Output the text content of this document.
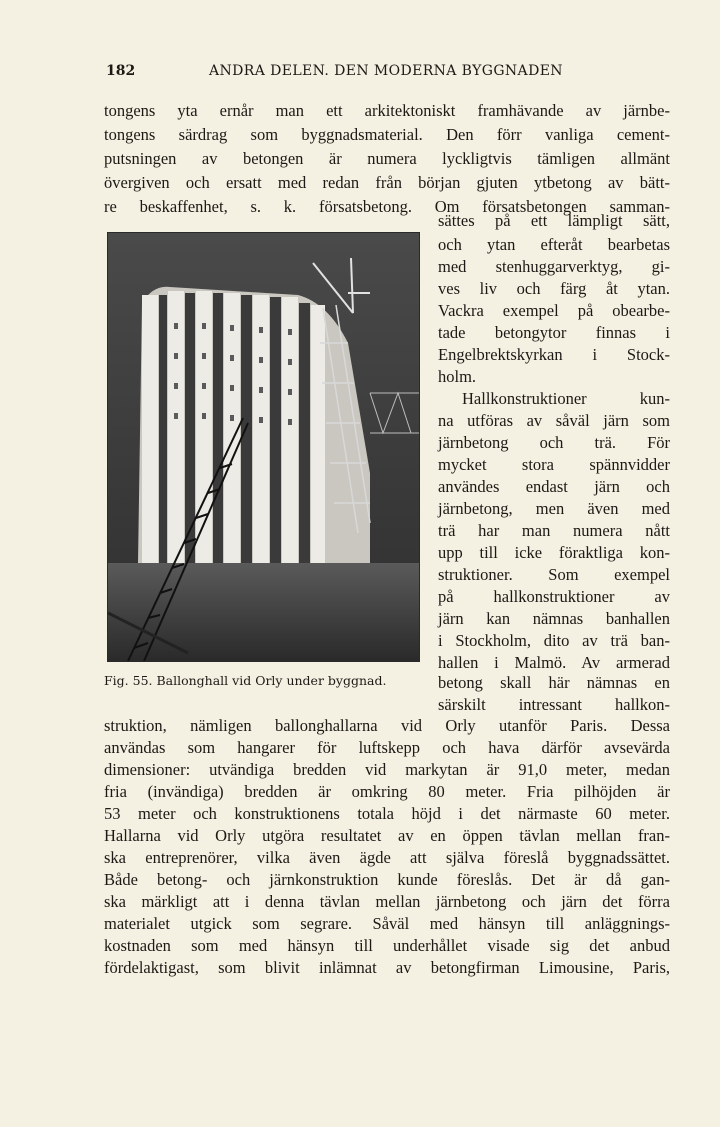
182	ANDRA DELEN. DEN MODERNA BYGGNADEN
tongens yta ernår man ett arkitektoniskt framhävande av järnbe-
tongens särdrag som byggnadsmaterial. Den förr vanliga cement-
putsningen av betongen är numera lyckligtvis tämligen allmänt
övergiven och ersatt med redan från början gjuten ytbetong av bätt-
re beskaffenhet, s. k. försatsbetong. Om försatsbetongen samman-
Fig. 55. Ballonghall vid Orly under byggnad.
sättes på ett lämpligt sätt,
och ytan efteråt bearbetas
med stenhuggarverktyg, gi-
ves liv och färg åt ytan.
Vackra exempel på obearbe-
tade betongytor finnas i
Engelbrektskyrkan i Stock-
holm.
Hallkonstruktioner kun-
na utföras av såväl järn som
järnbetong och trä. För
mycket stora spännvidder
användes endast järn och
järnbetong, men även med
trä har man numera nått
upp till icke föraktliga kon-
struktioner. Som exempel
på hallkonstruktioner av
järn kan nämnas banhallen
i Stockholm, dito av trä ban-
hallen i Malmö. Av armerad
betong skall här nämnas en
särskilt intressant hallkon-
struktion, nämligen ballonghallarna vid Orly utanför Paris. Dessa
användas som hangarer för luftskepp och hava därför avsevärda
dimensioner: utvändiga bredden vid markytan är 91,0 meter, medan
fria (invändiga) bredden är omkring 80 meter. Fria pilhöjden är
53 meter och konstruktionens totala höjd i det närmaste 60 meter.
Hallarna vid Orly utgöra resultatet av en öppen tävlan mellan fran-
ska entreprenörer, vilka även ägde att själva föreslå byggnadssättet.
Både betong- och järnkonstruktion kunde föreslås. Det är då gan-
ska märkligt att i denna tävlan mellan järnbetong och järn det förra
materialet utgick som segrare. Såväl med hänsyn till anläggnings-
kostnaden som med hänsyn till underhållet visade sig det anbud
fördelaktigast, som blivit inlämnat av betongfirman Limousine, Paris,
